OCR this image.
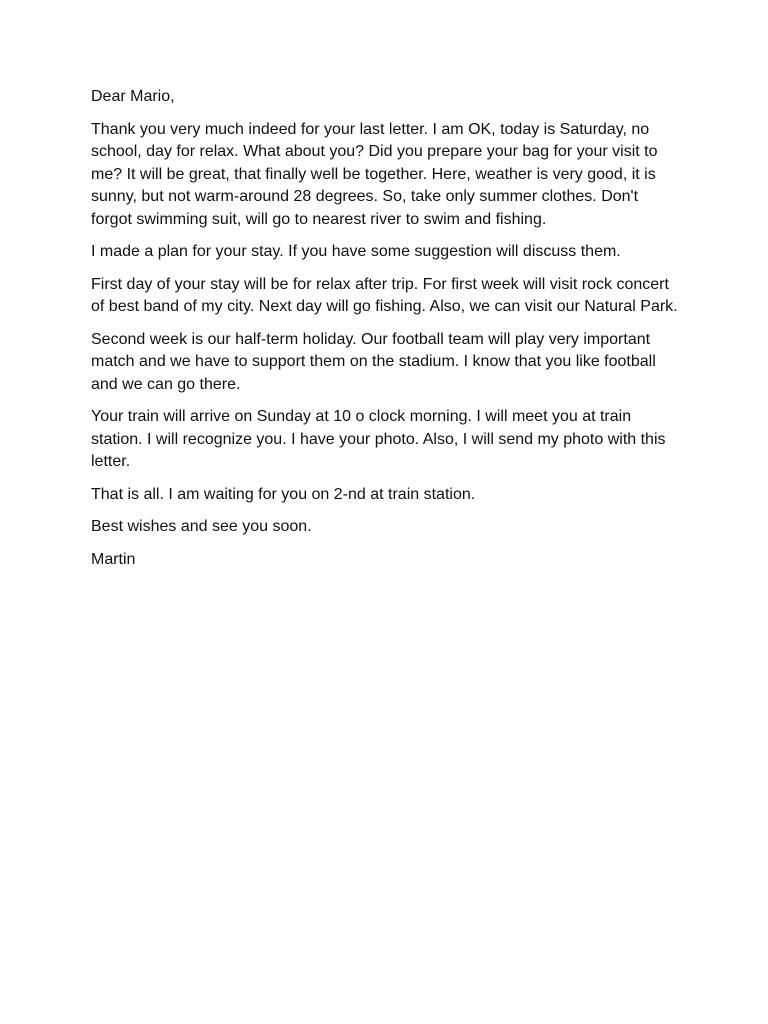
Dear Mario,

Thank you very much indeed for your last letter. I am OK, today is Saturday, no school, day for relax. What about you? Did you prepare your bag for your visit to me? It will be great, that finally well be together. Here, weather is very good, it is sunny, but not warm-around 28 degrees. So, take only summer clothes. Don't forgot swimming suit, will go to nearest river to swim and fishing.

I made a plan for your stay. If you have some suggestion will discuss them.

First day of your stay will be for relax after trip. For first week will visit rock concert of best band of my city. Next day will go fishing. Also, we can visit our Natural Park.

Second week is our half-term holiday. Our football team will play very important match and we have to support them on the stadium. I know that you like football and we can go there.

Your train will arrive on Sunday at 10 o clock morning. I will meet you at train station. I will recognize you. I have your photo. Also, I will send my photo with this letter.

That is all. I am waiting for you on 2-nd at train station.

Best wishes and see you soon.

Martin
